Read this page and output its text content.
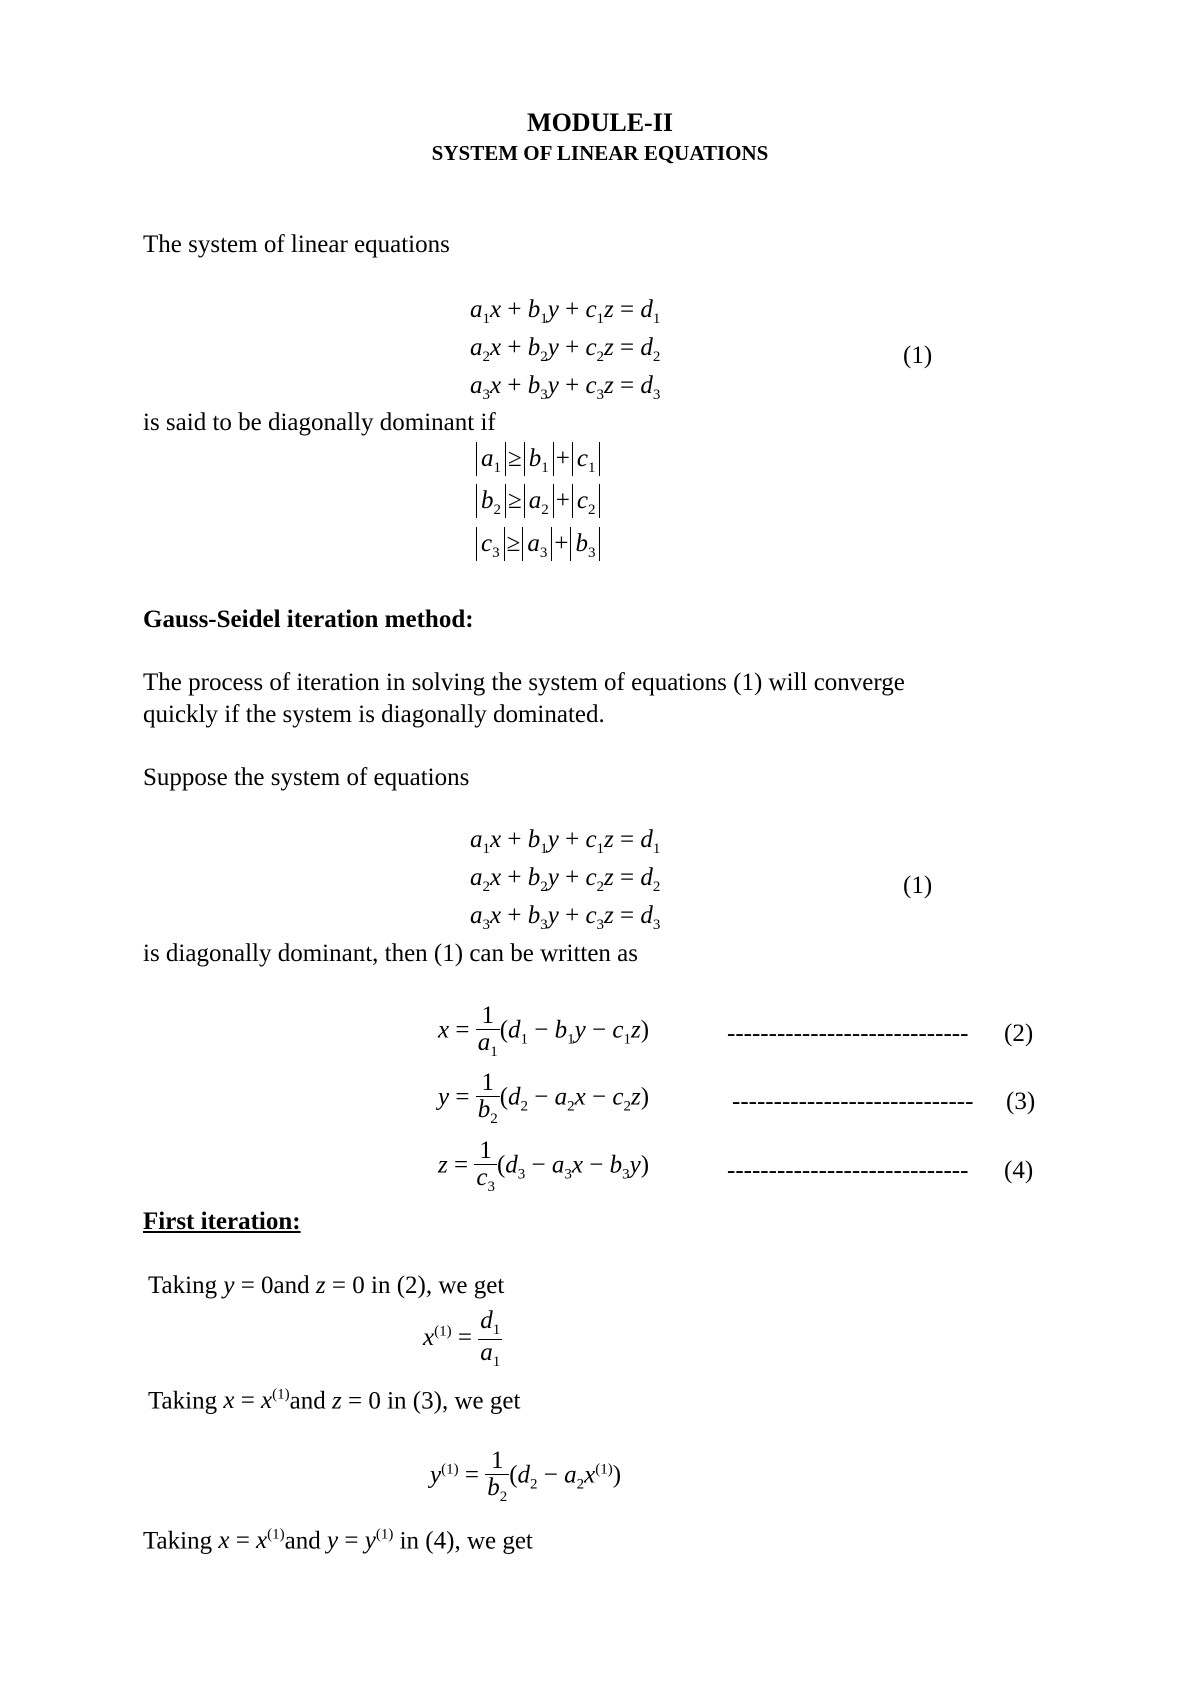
MODULE-II
SYSTEM OF LINEAR EQUATIONS
The system of linear equations
$a_1x + b_1y + c_1z = d_1$
$a_2x + b_2y + c_2z = d_2$
$a_3x + b_3y + c_3z = d_3$
(1)
is said to be diagonally dominant if
$a_1 \ge b_1 + c_1$
$b_2 \ge a_2 + c_2$
$c_3 \ge a_3 + b_3$
Gauss-Seidel iteration method:
The process of iteration in solving the system of equations (1) will converge
quickly if the system is diagonally dominated.
Suppose the system of equations
$a_1x + b_1y + c_1z = d_1$
$a_2x + b_2y + c_2z = d_2$
$a_3x + b_3y + c_3z = d_3$
(1)
is diagonally dominant, then (1) can be written as
$x = \frac{1}{a_1} (d_1 - b_1y - c_1z)$	----------------------------- (2)
$y = \frac{1}{b_2} (d_2 - a_2x - c_2z)$	----------------------------- (3)
$z = \frac{1}{c_3} (d_3 - a_3x - b_3y)$	----------------------------- (4)
First iteration:
Taking y = 0and z = 0 in (2), we get
$x^{(1)} = \frac{d_1}{a_1}$
Taking $x = x^{(1)}and$ z = 0 in (3), we get
$y^{(1)} = \frac{1}{b_2} (d_2 - a_2x^{(1)})$
Taking $x = x^{(1)}and$ $y = y^{(1)}$ in (4), we get
